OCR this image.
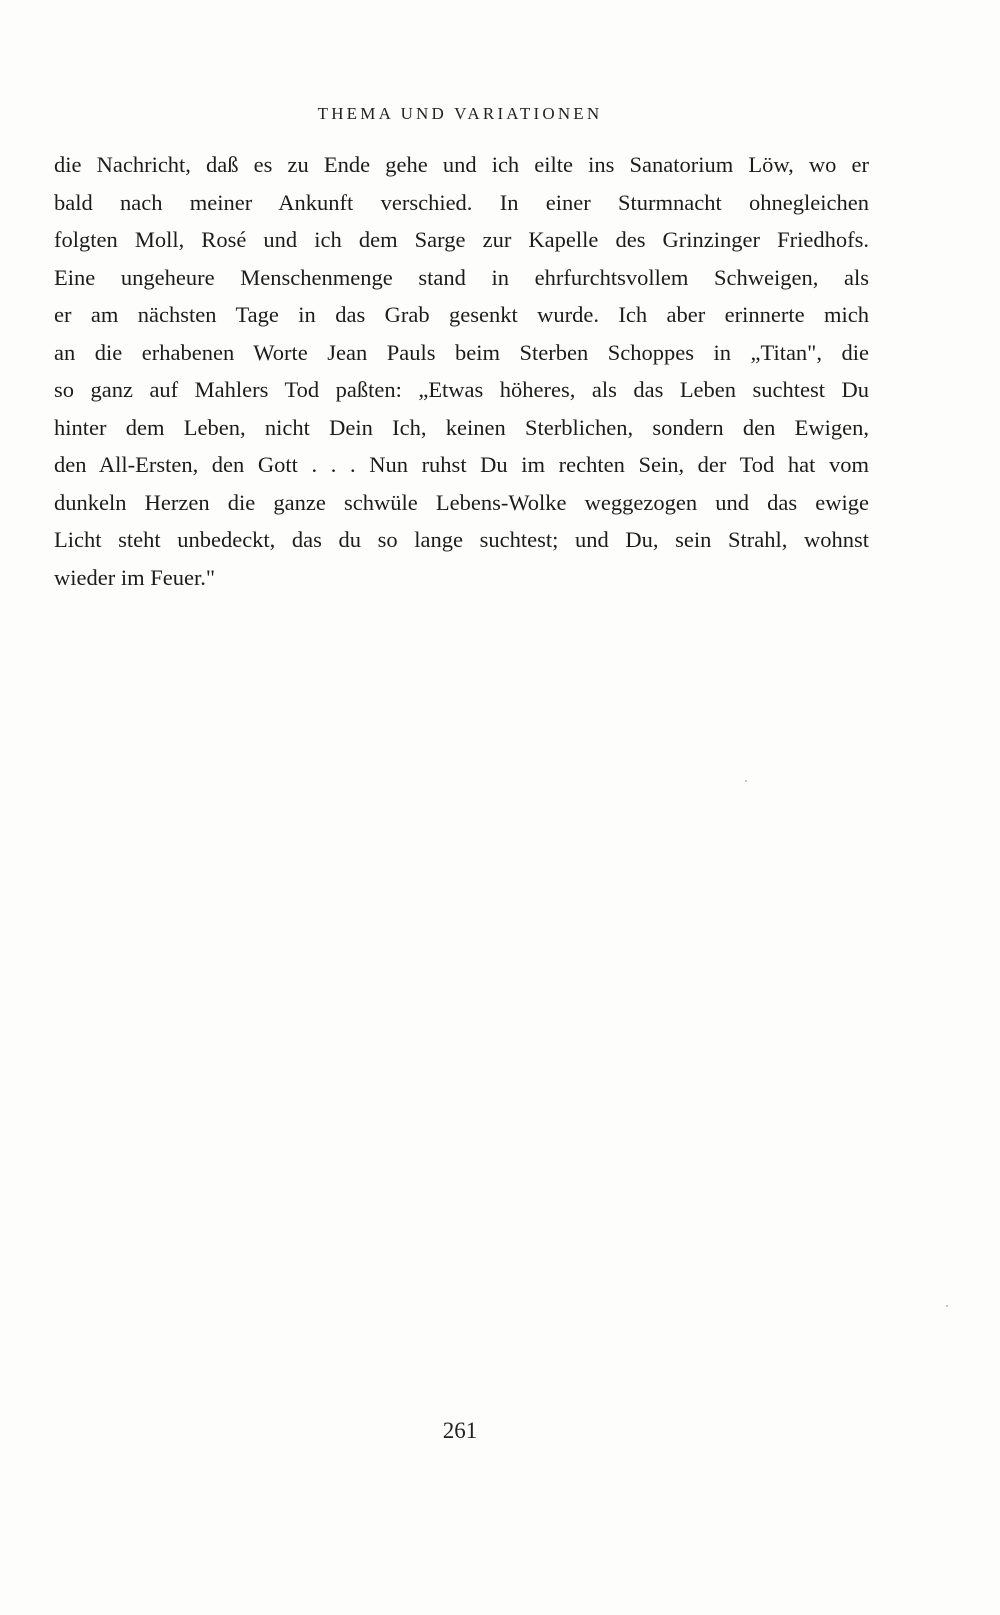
THEMA UND VARIATIONEN
die Nachricht, daß es zu Ende gehe und ich eilte ins Sanatorium Löw, wo er
bald nach meiner Ankunft verschied. In einer Sturmnacht ohnegleichen
folgten Moll, Rosé und ich dem Sarge zur Kapelle des Grinzinger Friedhofs.
Eine ungeheure Menschenmenge stand in ehrfurchtsvollem Schweigen, als
er am nächsten Tage in das Grab gesenkt wurde. Ich aber erinnerte mich
an die erhabenen Worte Jean Pauls beim Sterben Schoppes in „Titan", die
so ganz auf Mahlers Tod paßten: „Etwas höheres, als das Leben suchtest Du
hinter dem Leben, nicht Dein Ich, keinen Sterblichen, sondern den Ewigen,
den All-Ersten, den Gott . . . Nun ruhst Du im rechten Sein, der Tod hat vom
dunkeln Herzen die ganze schwüle Lebens-Wolke weggezogen und das ewige
Licht steht unbedeckt, das du so lange suchtest; und Du, sein Strahl, wohnst
wieder im Feuer."
261
